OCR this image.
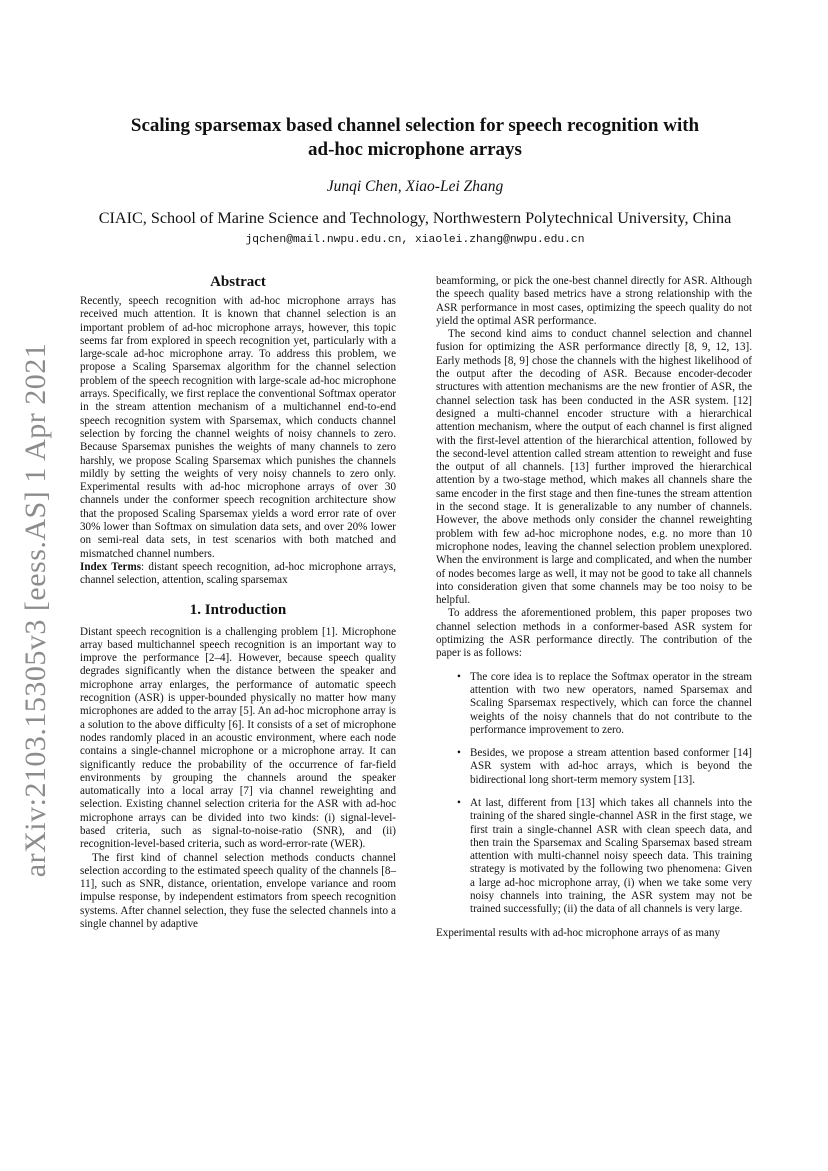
arXiv:2103.15305v3 [eess.AS] 1 Apr 2021
Scaling sparsemax based channel selection for speech recognition with
ad-hoc microphone arrays
Junqi Chen, Xiao-Lei Zhang
CIAIC, School of Marine Science and Technology, Northwestern Polytechnical University, China
jqchen@mail.nwpu.edu.cn, xiaolei.zhang@nwpu.edu.cn
Abstract

Recently, speech recognition with ad-hoc microphone arrays has received much attention. It is known that channel selection is an important problem of ad-hoc microphone arrays, however, this topic seems far from explored in speech recognition yet, particularly with a large-scale ad-hoc microphone array. To address this problem, we propose a Scaling Sparsemax algorithm for the channel selection problem of the speech recognition with large-scale ad-hoc microphone arrays. Specifically, we first replace the conventional Softmax operator in the stream attention mechanism of a multichannel end-to-end speech recognition system with Sparsemax, which conducts channel selection by forcing the channel weights of noisy channels to zero. Because Sparsemax punishes the weights of many channels to zero harshly, we propose Scaling Sparsemax which punishes the channels mildly by setting the weights of very noisy channels to zero only. Experimental results with ad-hoc microphone arrays of over 30 channels under the conformer speech recognition architecture show that the proposed Scaling Sparsemax yields a word error rate of over 30% lower than Softmax on simulation data sets, and over 20% lower on semi-real data sets, in test scenarios with both matched and mismatched channel numbers.

Index Terms: distant speech recognition, ad-hoc microphone arrays, channel selection, attention, scaling sparsemax

1. Introduction

Distant speech recognition is a challenging problem [1]. Microphone array based multichannel speech recognition is an important way to improve the performance [2–4]. However, because speech quality degrades significantly when the distance between the speaker and microphone array enlarges, the performance of automatic speech recognition (ASR) is upper-bounded physically no matter how many microphones are added to the array [5]. An ad-hoc microphone array is a solution to the above difficulty [6]. It consists of a set of microphone nodes randomly placed in an acoustic environment, where each node contains a single-channel microphone or a microphone array. It can significantly reduce the probability of the occurrence of far-field environments by grouping the channels around the speaker automatically into a local array [7] via channel reweighting and selection. Existing channel selection criteria for the ASR with ad-hoc microphone arrays can be divided into two kinds: (i) signal-level-based criteria, such as signal-to-noise-ratio (SNR), and (ii) recognition-level-based criteria, such as word-error-rate (WER).

The first kind of channel selection methods conducts channel selection according to the estimated speech quality of the channels [8–11], such as SNR, distance, orientation, envelope variance and room impulse response, by independent estimators from speech recognition systems. After channel selection, they fuse the selected channels into a single channel by adaptive

beamforming, or pick the one-best channel directly for ASR. Although the speech quality based metrics have a strong relationship with the ASR performance in most cases, optimizing the speech quality do not yield the optimal ASR performance.

The second kind aims to conduct channel selection and channel fusion for optimizing the ASR performance directly [8, 9, 12, 13]. Early methods [8, 9] chose the channels with the highest likelihood of the output after the decoding of ASR. Because encoder-decoder structures with attention mechanisms are the new frontier of ASR, the channel selection task has been conducted in the ASR system. [12] designed a multi-channel encoder structure with a hierarchical attention mechanism, where the output of each channel is first aligned with the first-level attention of the hierarchical attention, followed by the second-level attention called stream attention to reweight and fuse the output of all channels. [13] further improved the hierarchical attention by a two-stage method, which makes all channels share the same encoder in the first stage and then fine-tunes the stream attention in the second stage. It is generalizable to any number of channels. However, the above methods only consider the channel reweighting problem with few ad-hoc microphone nodes, e.g. no more than 10 microphone nodes, leaving the channel selection problem unexplored. When the environment is large and complicated, and when the number of nodes becomes large as well, it may not be good to take all channels into consideration given that some channels may be too noisy to be helpful.

To address the aforementioned problem, this paper proposes two channel selection methods in a conformer-based ASR system for optimizing the ASR performance directly. The contribution of the paper is as follows:

• The core idea is to replace the Softmax operator in the stream attention with two new operators, named Sparsemax and Scaling Sparsemax respectively, which can force the channel weights of the noisy channels that do not contribute to the performance improvement to zero.
• Besides, we propose a stream attention based conformer [14] ASR system with ad-hoc arrays, which is beyond the bidirectional long short-term memory system [13].
• At last, different from [13] which takes all channels into the training of the shared single-channel ASR in the first stage, we first train a single-channel ASR with clean speech data, and then train the Sparsemax and Scaling Sparsemax based stream attention with multi-channel noisy speech data. This training strategy is motivated by the following two phenomena: Given a large ad-hoc microphone array, (i) when we take some very noisy channels into training, the ASR system may not be trained successfully; (ii) the data of all channels is very large.

Experimental results with ad-hoc microphone arrays of as many
